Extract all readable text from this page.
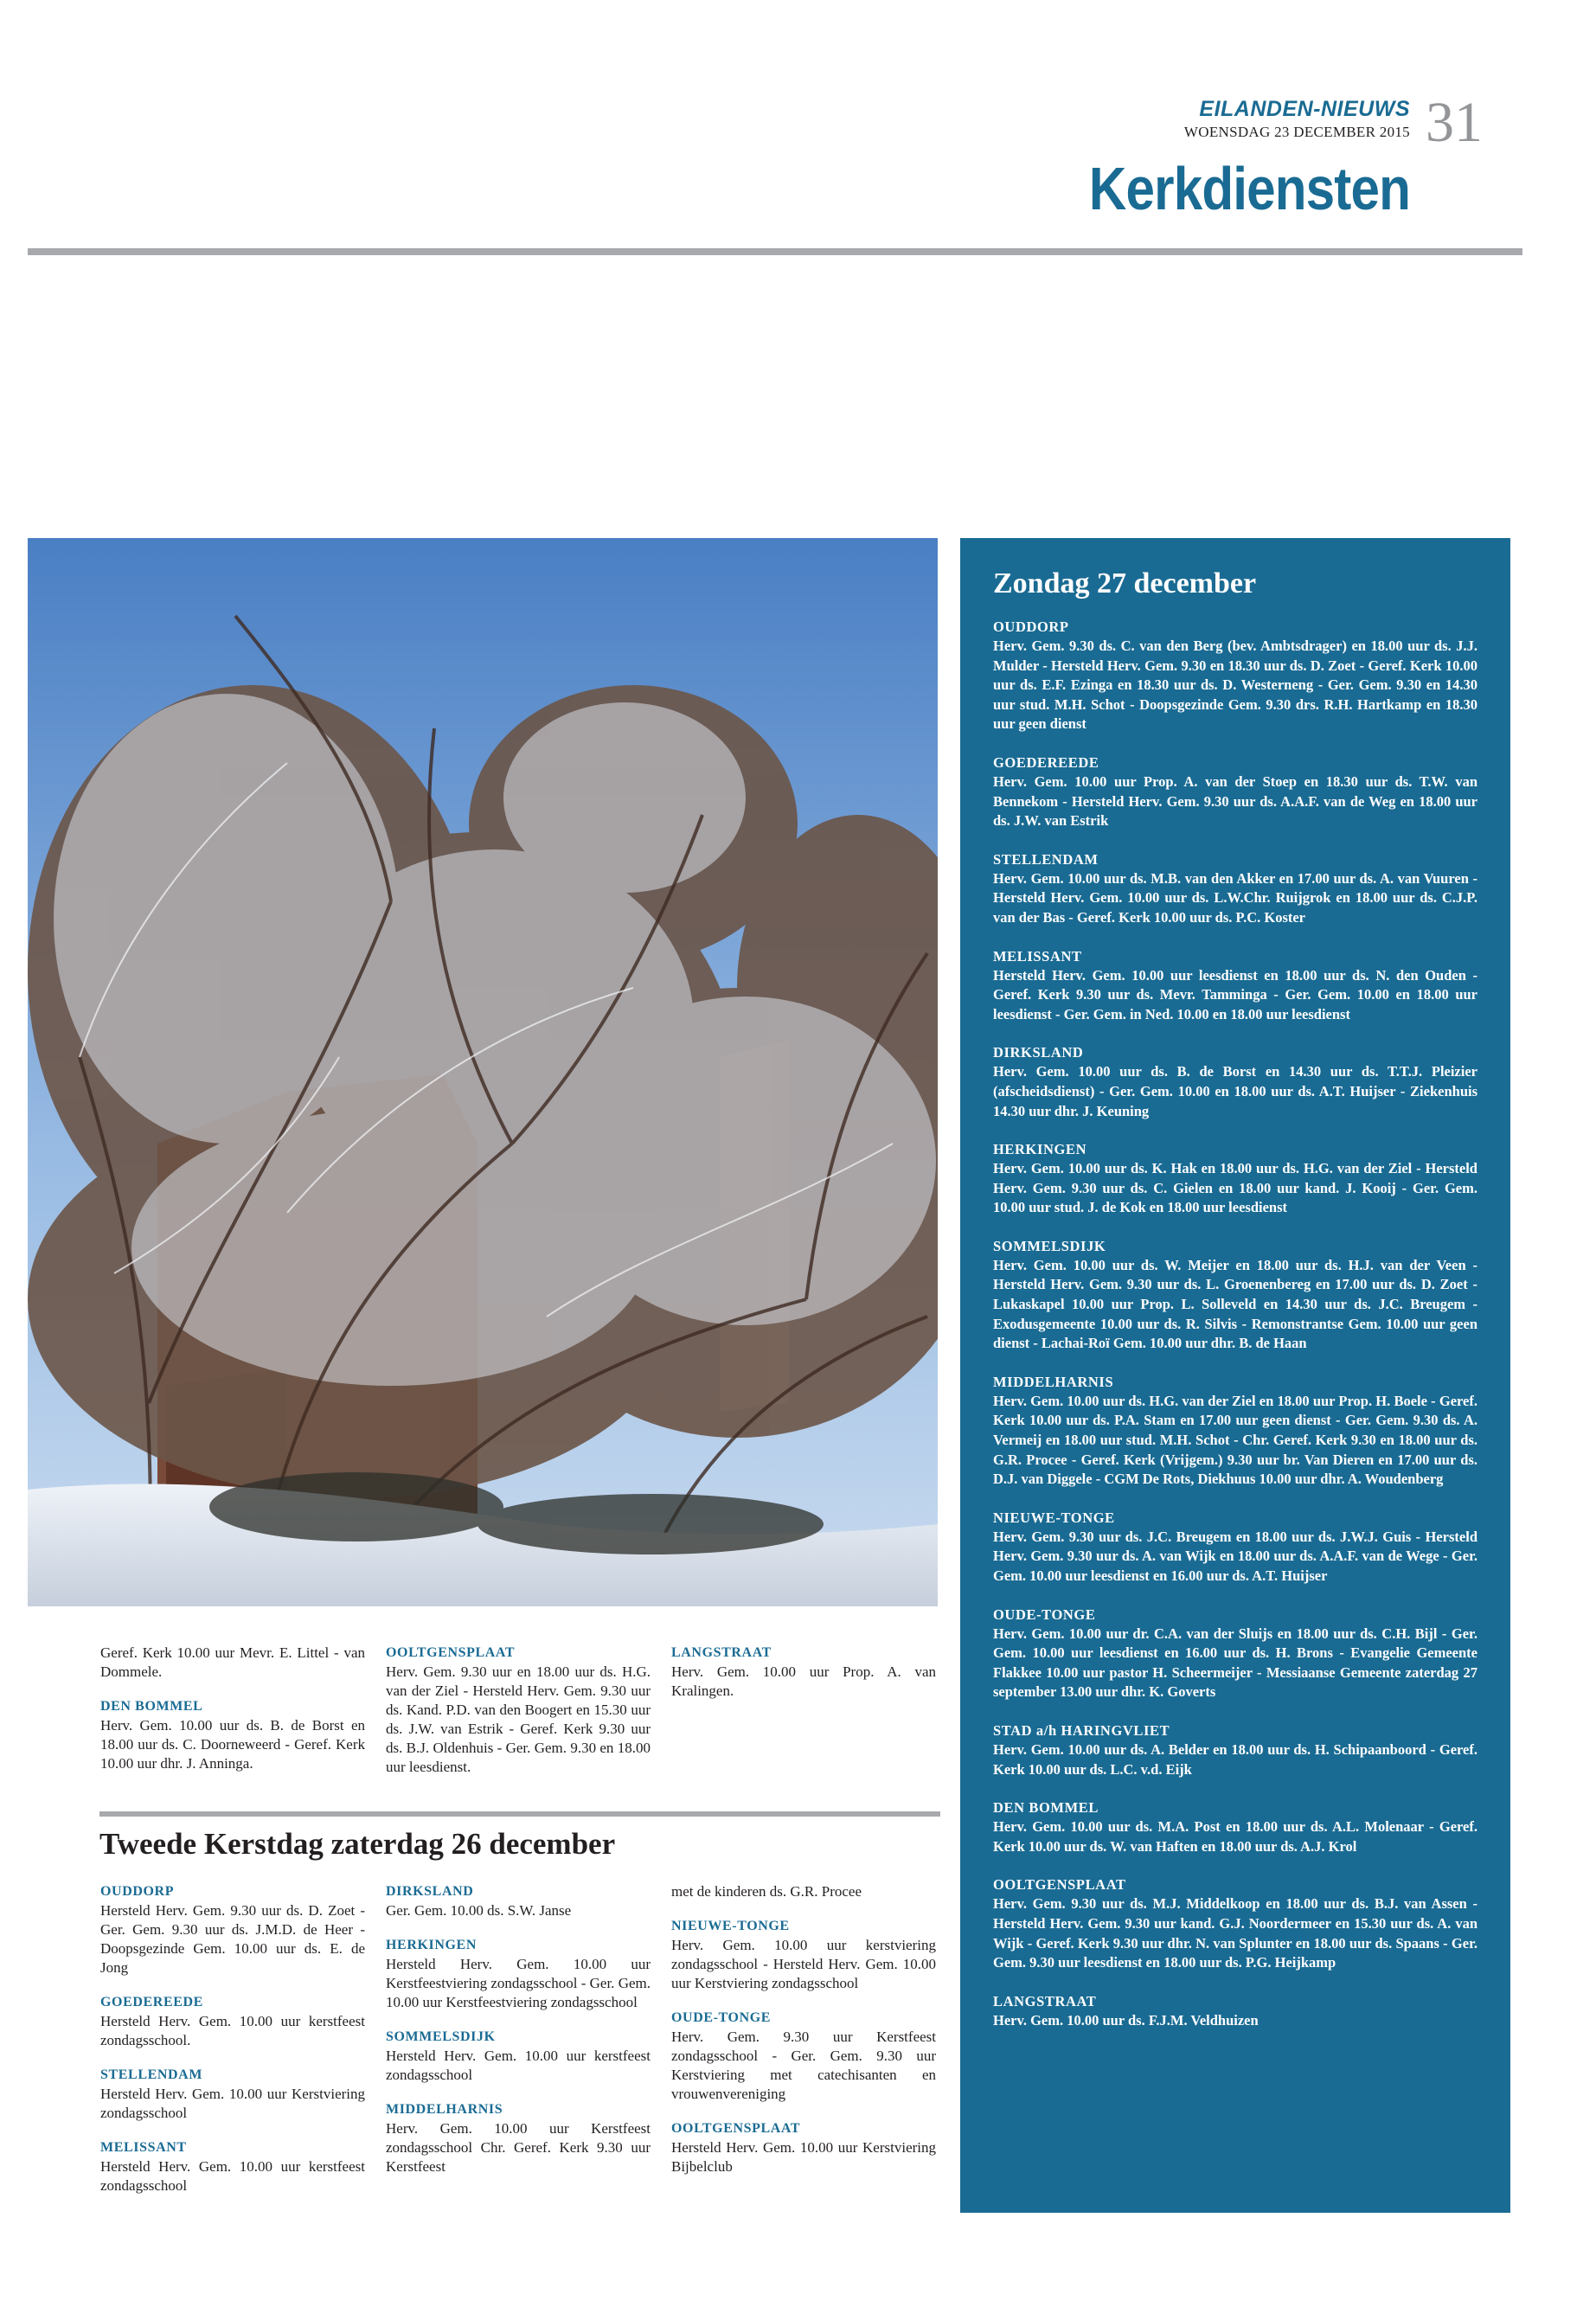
EILANDEN-NIEUWS
WOENSDAG 23 DECEMBER 2015 31
Kerkdiensten
Zondag 27 december
OUDDORP
Herv. Gem. 9.30 ds. C. van den Berg (bev. Ambtsdrager) en 18.00 uur ds. J.J. Mulder - Hersteld Herv. Gem. 9.30 en 18.30 uur ds. D. Zoet - Geref. Kerk 10.00 uur ds. E.F. Ezinga en 18.30 uur ds. D. Westerneng - Ger. Gem. 9.30 en 14.30 uur stud. M.H. Schot - Doopsgezinde Gem. 9.30 drs. R.H. Hartkamp en 18.30 uur geen dienst
GOEDEREEDE
Herv. Gem. 10.00 uur Prop. A. van der Stoep en 18.30 uur ds. T.W. van Bennekom - Hersteld Herv. Gem. 9.30 uur ds. A.A.F. van de Weg en 18.00 uur ds. J.W. van Estrik
STELLENDAM
Herv. Gem. 10.00 uur ds. M.B. van den Akker en 17.00 uur ds. A. van Vuuren - Hersteld Herv. Gem. 10.00 uur ds. L.W.Chr. Ruijgrok en 18.00 uur ds. C.J.P. van der Bas - Geref. Kerk 10.00 uur ds. P.C. Koster
MELISSANT
Hersteld Herv. Gem. 10.00 uur leesdienst en 18.00 uur ds. N. den Ouden - Geref. Kerk 9.30 uur ds. Mevr. Tamminga - Ger. Gem. 10.00 en 18.00 uur leesdienst - Ger. Gem. in Ned. 10.00 en 18.00 uur leesdienst
DIRKSLAND
Herv. Gem. 10.00 uur ds. B. de Borst en 14.30 uur ds. T.T.J. Pleizier (afscheidsdienst) - Ger. Gem. 10.00 en 18.00 uur ds. A.T. Huijser - Ziekenhuis 14.30 uur dhr. J. Keuning
HERKINGEN
Herv. Gem. 10.00 uur ds. K. Hak en 18.00 uur ds. H.G. van der Ziel - Hersteld Herv. Gem. 9.30 uur ds. C. Gielen en 18.00 uur kand. J. Kooij - Ger. Gem. 10.00 uur stud. J. de Kok en 18.00 uur leesdienst
SOMMELSDIJK
Herv. Gem. 10.00 uur ds. W. Meijer en 18.00 uur ds. H.J. van der Veen - Hersteld Herv. Gem. 9.30 uur ds. L. Groenenbereg en 17.00 uur ds. D. Zoet - Lukaskapel 10.00 uur Prop. L. Solleveld en 14.30 uur ds. J.C. Breugem - Exodusgemeente 10.00 uur ds. R. Silvis - Remonstrantse Gem. 10.00 uur geen dienst - Lachai-Roï Gem. 10.00 uur dhr. B. de Haan
MIDDELHARNIS
Herv. Gem. 10.00 uur ds. H.G. van der Ziel en 18.00 uur Prop. H. Boele - Geref. Kerk 10.00 uur ds. P.A. Stam en 17.00 uur geen dienst - Ger. Gem. 9.30 ds. A. Vermeij en 18.00 uur stud. M.H. Schot - Chr. Geref. Kerk 9.30 en 18.00 uur ds. G.R. Procee - Geref. Kerk (Vrijgem.) 9.30 uur br. Van Dieren en 17.00 uur ds. D.J. van Diggele - CGM De Rots, Diekhuus 10.00 uur dhr. A. Woudenberg
NIEUWE-TONGE
Herv. Gem. 9.30 uur ds. J.C. Breugem en 18.00 uur ds. J.W.J. Guis - Hersteld Herv. Gem. 9.30 uur ds. A. van Wijk en 18.00 uur ds. A.A.F. van de Wege - Ger. Gem. 10.00 uur leesdienst en 16.00 uur ds. A.T. Huijser
OUDE-TONGE
Herv. Gem. 10.00 uur dr. C.A. van der Sluijs en 18.00 uur ds. C.H. Bijl - Ger. Gem. 10.00 uur leesdienst en 16.00 uur ds. H. Brons - Evangelie Gemeente Flakkee 10.00 uur pastor H. Scheermeijer - Messiaanse Gemeente zaterdag 27 september 13.00 uur dhr. K. Goverts
STAD a/h HARINGVLIET
Herv. Gem. 10.00 uur ds. A. Belder en 18.00 uur ds. H. Schipaanboord - Geref. Kerk 10.00 uur ds. L.C. v.d. Eijk
DEN BOMMEL
Herv. Gem. 10.00 uur ds. M.A. Post en 18.00 uur ds. A.L. Molenaar - Geref. Kerk 10.00 uur ds. W. van Haften en 18.00 uur ds. A.J. Krol
OOLTGENSPLAAT
Herv. Gem. 9.30 uur ds. M.J. Middelkoop en 18.00 uur ds. B.J. van Assen - Hersteld Herv. Gem. 9.30 uur kand. G.J. Noordermeer en 15.30 uur ds. A. van Wijk - Geref. Kerk 9.30 uur dhr. N. van Splunter en 18.00 uur ds. Spaans - Ger. Gem. 9.30 uur leesdienst en 18.00 uur ds. P.G. Heijkamp
LANGSTRAAT
Herv. Gem. 10.00 uur ds. F.J.M. Veldhuizen
Geref. Kerk 10.00 uur Mevr. E. Littel - van Dommele.
DEN BOMMEL
Herv. Gem. 10.00 uur ds. B. de Borst en 18.00 uur ds. C. Doorneweerd - Geref. Kerk 10.00 uur dhr. J. Anninga.
OOLTGENSPLAAT
Herv. Gem. 9.30 uur en 18.00 uur ds. H.G. van der Ziel - Hersteld Herv. Gem. 9.30 uur ds. Kand. P.D. van den Boogert en 15.30 uur ds. J.W. van Estrik - Geref. Kerk 9.30 uur ds. B.J. Oldenhuis - Ger. Gem. 9.30 en 18.00 uur leesdienst.
LANGSTRAAT
Herv. Gem. 10.00 uur Prop. A. van Kralingen.
Tweede Kerstdag zaterdag 26 december
OUDDORP
Hersteld Herv. Gem. 9.30 uur ds. D. Zoet - Ger. Gem. 9.30 uur ds. J.M.D. de Heer - Doopsgezinde Gem. 10.00 uur ds. E. de Jong
GOEDEREEDE
Hersteld Herv. Gem. 10.00 uur kerstfeest zondagsschool.
STELLENDAM
Hersteld Herv. Gem. 10.00 uur Kerstviering zondagsschool
MELISSANT
Hersteld Herv. Gem. 10.00 uur kerstfeest zondagsschool
DIRKSLAND
Ger. Gem. 10.00 ds. S.W. Janse
HERKINGEN
Hersteld Herv. Gem. 10.00 uur Kerstfeestviering zondagsschool - Ger. Gem. 10.00 uur Kerstfeestviering zondagsschool
SOMMELSDIJK
Hersteld Herv. Gem. 10.00 uur kerstfeest zondagsschool
MIDDELHARNIS
Herv. Gem. 10.00 uur Kerstfeest zondagsschool Chr. Geref. Kerk 9.30 uur Kerstfeest
met de kinderen ds. G.R. Procee
NIEUWE-TONGE
Herv. Gem. 10.00 uur kerstviering zondagsschool - Hersteld Herv. Gem. 10.00 uur Kerstviering zondagsschool
OUDE-TONGE
Herv. Gem. 9.30 uur Kerstfeest zondagsschool - Ger. Gem. 9.30 uur Kerstviering met catechisanten en vrouwenvereniging
OOLTGENSPLAAT
Hersteld Herv. Gem. 10.00 uur Kerstviering Bijbelclub
